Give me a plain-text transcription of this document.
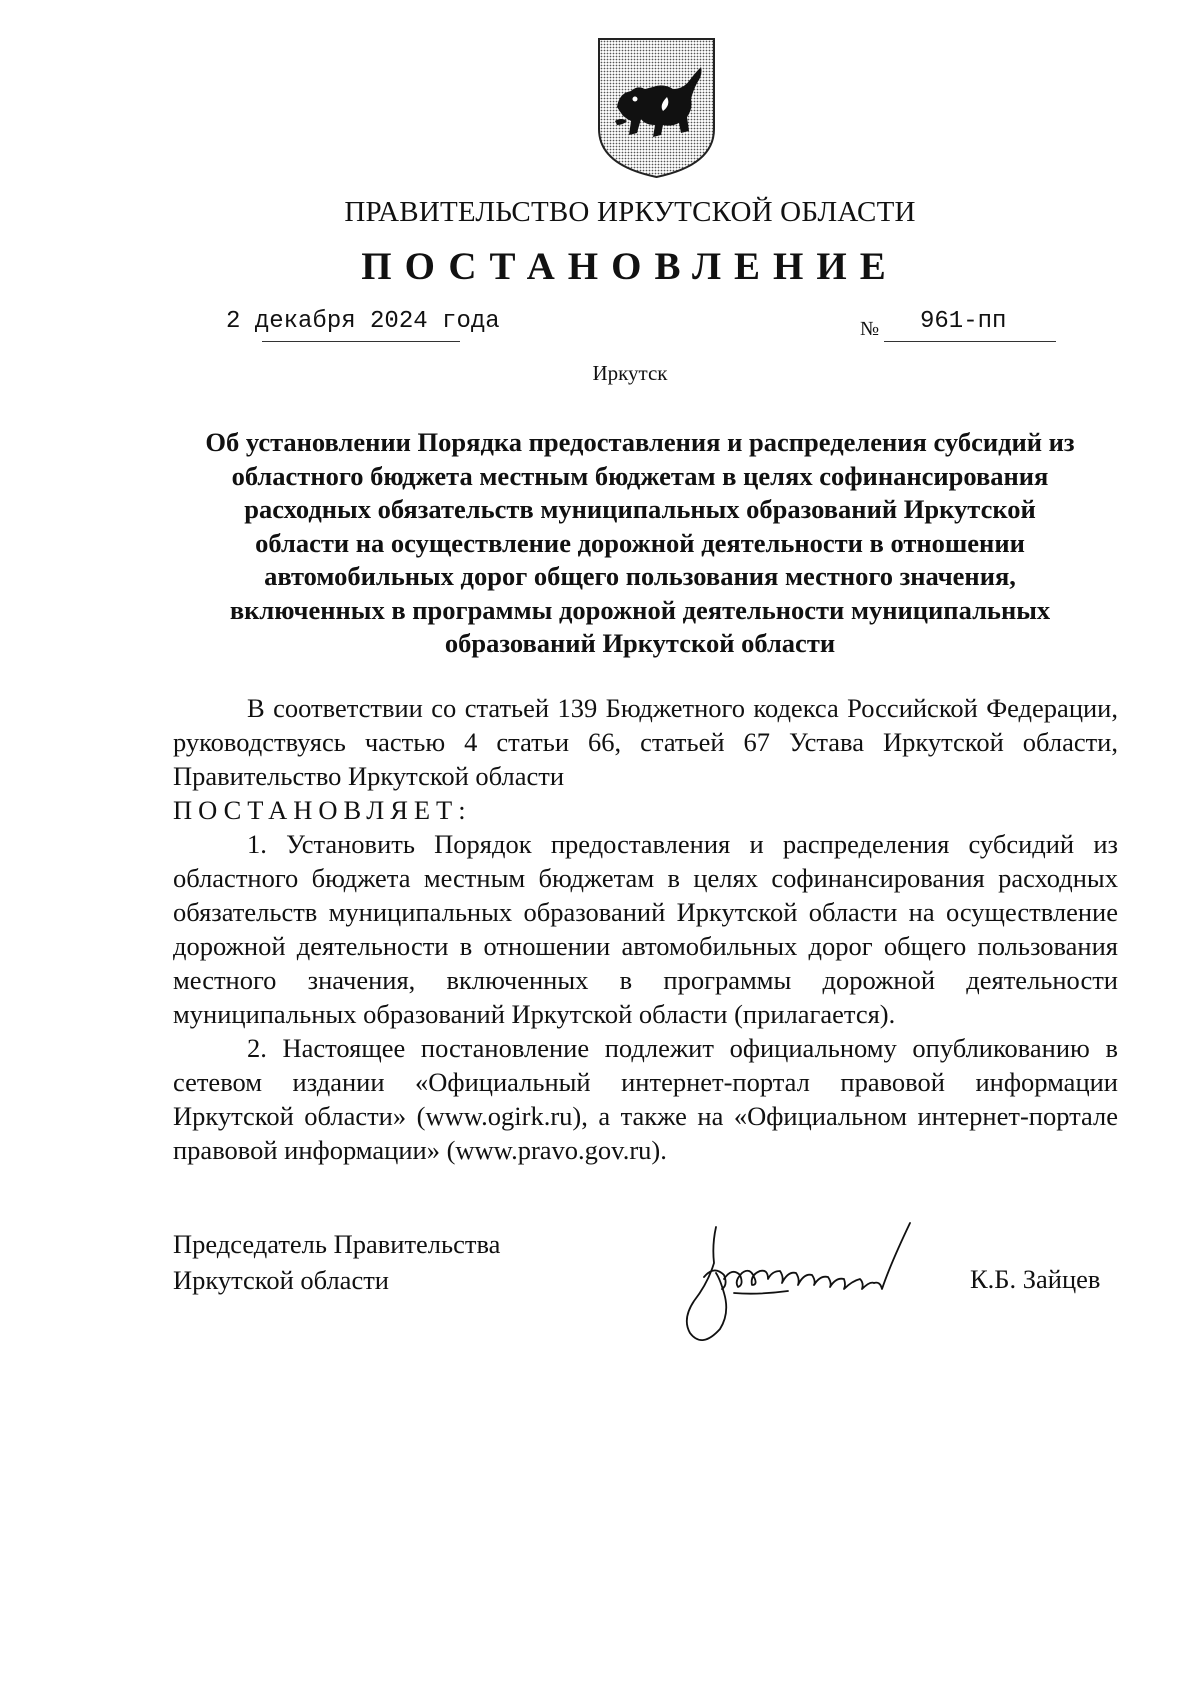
ПРАВИТЕЛЬСТВО ИРКУТСКОЙ ОБЛАСТИ
ПОСТАНОВЛЕНИЕ
2 декабря 2024 года	№ 961-пп
Иркутск
Об установлении Порядка предоставления и распределения субсидий из
областного бюджета местным бюджетам в целях софинансирования
расходных обязательств муниципальных образований Иркутской
области на осуществление дорожной деятельности в отношении
автомобильных дорог общего пользования местного значения,
включенных в программы дорожной деятельности муниципальных
образований Иркутской области

В соответствии со статьей 139 Бюджетного кодекса Российской Федерации, руководствуясь частью 4 статьи 66, статьей 67 Устава Иркутской области, Правительство Иркутской области

ПОСТАНОВЛЯЕТ:

1. Установить Порядок предоставления и распределения субсидий из областного бюджета местным бюджетам в целях софинансирования расходных обязательств муниципальных образований Иркутской области на осуществление дорожной деятельности в отношении автомобильных дорог общего пользования местного значения, включенных в программы дорожной деятельности муниципальных образований Иркутской области (прилагается).

2. Настоящее постановление подлежит официальному опубликованию в сетевом издании «Официальный интернет-портал правовой информации Иркутской области» (www.ogirk.ru), а также на «Официальном интернет-портале правовой информации» (www.pravo.gov.ru).

Председатель Правительства
Иркутской области	К.Б. Зайцев
